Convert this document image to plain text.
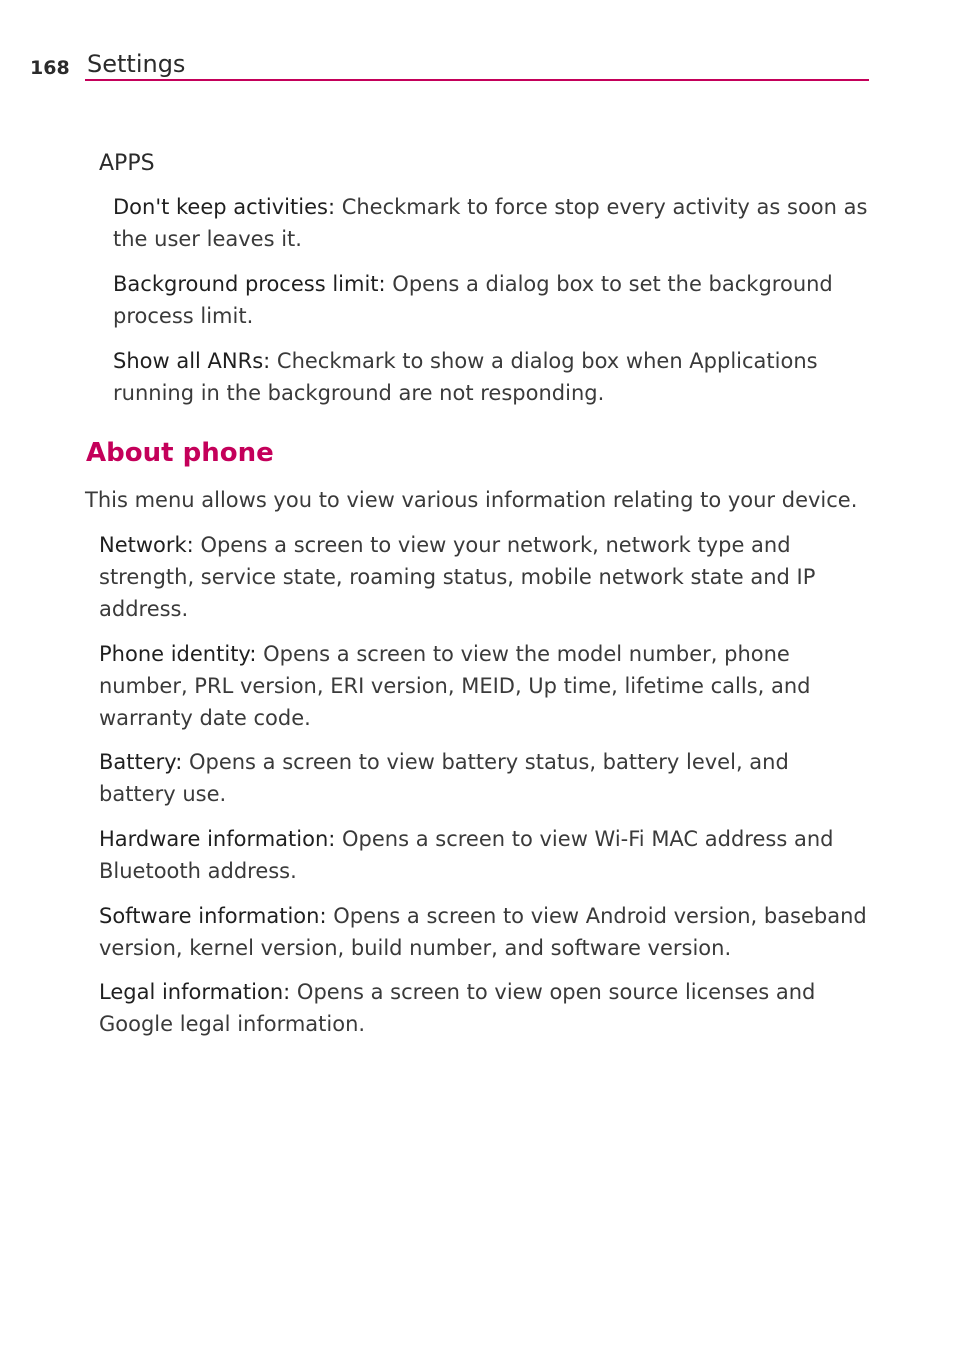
168 Settings
APPS

Don't keep activities: Checkmark to force stop every activity as soon as the user leaves it.

Background process limit: Opens a dialog box to set the background process limit.

Show all ANRs: Checkmark to show a dialog box when Applications running in the background are not responding.

About phone

This menu allows you to view various information relating to your device.

Network: Opens a screen to view your network, network type and strength, service state, roaming status, mobile network state and IP address.

Phone identity: Opens a screen to view the model number, phone number, PRL version, ERI version, MEID, Up time, lifetime calls, and warranty date code.

Battery: Opens a screen to view battery status, battery level, and battery use.

Hardware information: Opens a screen to view Wi-Fi MAC address and Bluetooth address.

Software information: Opens a screen to view Android version, baseband version, kernel version, build number, and software version.

Legal information: Opens a screen to view open source licenses and Google legal information.
